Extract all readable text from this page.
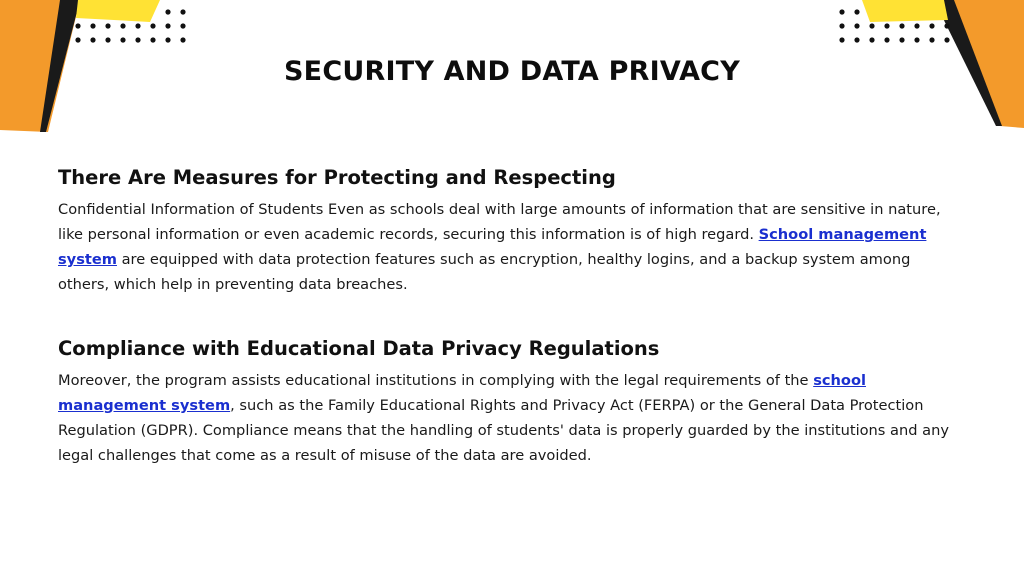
SECURITY AND DATA PRIVACY
There Are Measures for Protecting and Respecting

Confidential Information of Students Even as schools deal with large amounts of information that are sensitive in nature, like personal information or even academic records, securing this information is of high regard. School management system are equipped with data protection features such as encryption, healthy logins, and a backup system among others, which help in preventing data breaches.

Compliance with Educational Data Privacy Regulations

Moreover, the program assists educational institutions in complying with the legal requirements of the school management system, such as the Family Educational Rights and Privacy Act (FERPA) or the General Data Protection Regulation (GDPR). Compliance means that the handling of students' data is properly guarded by the institutions and any legal challenges that come as a result of misuse of the data are avoided.
